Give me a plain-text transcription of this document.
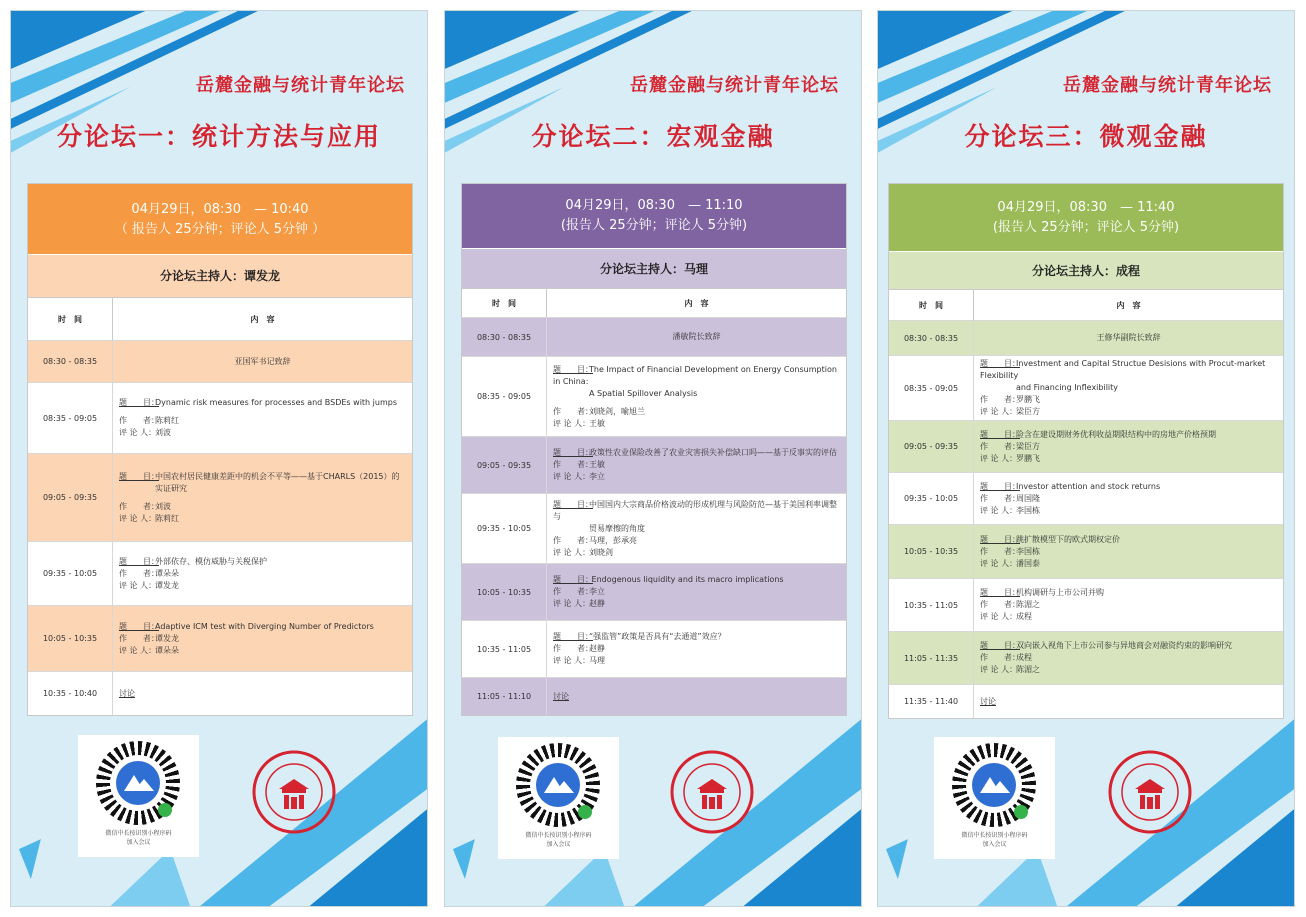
岳麓金融与统计青年论坛
分论坛一：统计方法与应用
04月29日，08:30　— 10:40
（ 报告人 25分钟；评论人 5分钟 ）
分论坛主持人：谭发龙
时　间	内　容
08:30 - 08:35	亚国军书记致辞
08:35 - 09:05
题　　目：Dynamic risk measures for processes and BSDEs with jumps
作　　者：陈莉红
评 论 人：刘波
09:05 - 09:35
题　　目：中国农村居民健康差距中的机会不平等——基于CHARLS（2015）的
实证研究
作　　者：刘波
评 论 人：陈莉红
09:35 - 10:05
题　　目：外部依存、模仿威胁与关税保护
作　　者：谭朵朵
评 论 人：谭发龙
10:05 - 10:35
题　　目：Adaptive ICM test with Diverging Number of Predictors
作　　者：谭发龙
评 论 人：谭朵朵
10:35 - 10:40	讨论
微信中长按识别小程序码
加入会议
岳麓金融与统计青年论坛
分论坛二：宏观金融
04月29日，08:30　— 11:10
(报告人 25分钟；评论人 5分钟)
分论坛主持人：马理
时　间	内　容
08:30 - 08:35	潘敏院长致辞
08:35 - 09:05
题　　目：The Impact of Financial Development on Energy Consumption in China:
A Spatial Spillover Analysis
作　　者：刘晓剑，喻旭兰
评 论 人：王敏
09:05 - 09:35
题　　目：政策性农业保险改善了农业灾害损失补偿缺口吗——基于反事实的评估
作　　者：王敏
评 论 人：李立
09:35 - 10:05
题　　目：中国国内大宗商品价格波动的形成机理与风险防范—基于美国利率调整与
贸易摩擦的角度
作　　者：马理，彭承亮
评 论 人：刘晓剑
10:05 - 10:35
题　　目： Endogenous liquidity and its macro implications
作　　者：李立
评 论 人：赵静
10:35 - 11:05
题　　目：“强监管”政策是否具有“去通道”效应？
作　　者：赵静
评 论 人：马理
11:05 - 11:10	讨论
微信中长按识别小程序码
加入会议
岳麓金融与统计青年论坛
分论坛三：微观金融
04月29日，08:30　— 11:40
(报告人 25分钟；评论人 5分钟)
分论坛主持人：成程
时　间	内　容
08:30 - 08:35	王修华副院长致辞
08:35 - 09:05
题　　目：Investment and Capital Structue Desisions with Procut-market Flexibility
and Financing Inflexibility
作　　者：罗鹏飞
评 论 人：梁臣方
09:05 - 09:35
题　　目：险含在建设期财务优利收益期限结构中的房地产价格预期
作　　者：梁臣方
评 论 人：罗鹏飞
09:35 - 10:05
题　　目：Investor attention and stock returns
作　　者：周国隆
评 论 人：李国栋
10:05 - 10:35
题　　目：跳扩散模型下的欧式期权定价
作　　者：李国栋
评 论 人：潘国泰
10:35 - 11:05
题　　目：机构调研与上市公司并购
作　　者：陈湄之
评 论 人：成程
11:05 - 11:35
题　　目：双向嵌入视角下上市公司参与异地商会对融资约束的影响研究
作　　者：成程
评 论 人：陈湄之
11:35 - 11:40	讨论
微信中长按识别小程序码
加入会议
